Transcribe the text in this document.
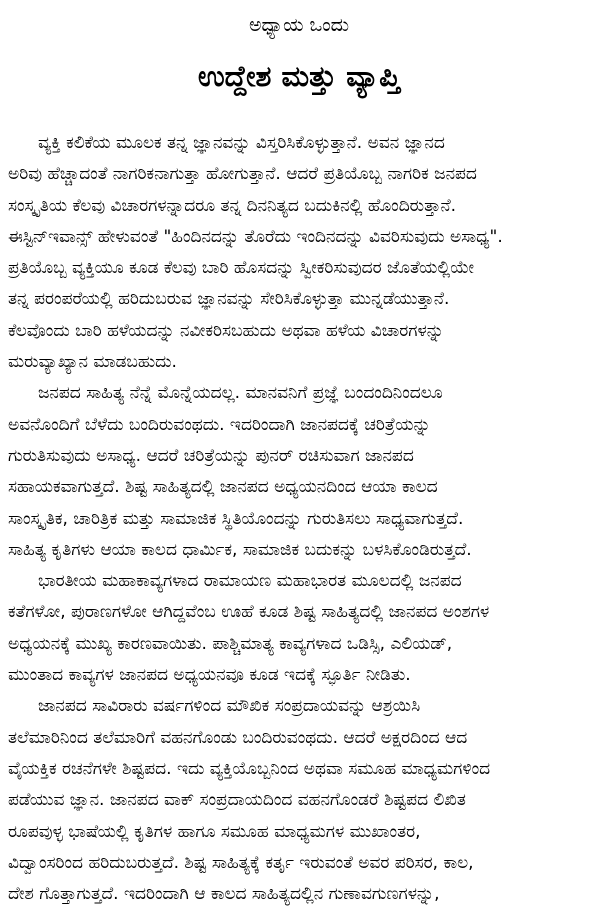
ಅಧ್ಯಾಯ ಒಂದು
ಉದ್ದೇಶ ಮತ್ತು ವ್ಯಾಪ್ತಿ
ವ್ಯಕ್ತಿ ಕಲಿಕೆಯ ಮೂಲಕ ತನ್ನ ಜ್ಞಾನವನ್ನು ವಿಸ್ತರಿಸಿಕೊಳ್ಳುತ್ತಾನೆ. ಅವನ ಜ್ಞಾನದ
ಅರಿವು ಹೆಚ್ಚಾದಂತೆ ನಾಗರಿಕನಾಗುತ್ತಾ ಹೋಗುತ್ತಾನೆ. ಆದರೆ ಪ್ರತಿಯೊಬ್ಬ ನಾಗರಿಕ ಜನಪದ
ಸಂಸ್ಕೃತಿಯ ಕೆಲವು ವಿಚಾರಗಳನ್ನಾದರೂ ತನ್ನ ದಿನನಿತ್ಯದ ಬದುಕಿನಲ್ಲಿ ಹೊಂದಿರುತ್ತಾನೆ.
ಈಸ್ಟಿನ್‌ಇವಾನ್ಸ್ ಹೇಳುವಂತೆ "ಹಿಂದಿನದನ್ನು ತೊರೆದು ಇಂದಿನದನ್ನು ವಿವರಿಸುವುದು ಅಸಾಧ್ಯ".
ಪ್ರತಿಯೊಬ್ಬ ವ್ಯಕ್ತಿಯೂ ಕೂಡ ಕೆಲವು ಬಾರಿ ಹೊಸದನ್ನು ಸ್ವೀಕರಿಸುವುದರ ಜೊತೆಯಲ್ಲಿಯೇ
ತನ್ನ ಪರಂಪರೆಯಲ್ಲಿ ಹರಿದುಬರುವ ಜ್ಞಾನವನ್ನು ಸೇರಿಸಿಕೊಳ್ಳುತ್ತಾ ಮುನ್ನಡೆಯುತ್ತಾನೆ.
ಕೆಲವೊಂದು ಬಾರಿ ಹಳೆಯದನ್ನು ನವೀಕರಿಸಬಹುದು ಅಥವಾ ಹಳೆಯ ವಿಚಾರಗಳನ್ನು
ಮರುವ್ಯಾಖ್ಯಾನ ಮಾಡಬಹುದು.
ಜನಪದ ಸಾಹಿತ್ಯ ನೆನ್ನೆ ಮೊನ್ನೆಯದಲ್ಲ. ಮಾನವನಿಗೆ ಪ್ರಜ್ಞೆ ಬಂದಂದಿನಿಂದಲೂ
ಅವನೊಂದಿಗೆ ಬೆಳೆದು ಬಂದಿರುವಂಥದು. ಇದರಿಂದಾಗಿ ಜಾನಪದಕ್ಕೆ ಚರಿತ್ರೆಯನ್ನು
ಗುರುತಿಸುವುದು ಅಸಾಧ್ಯ. ಆದರೆ ಚರಿತ್ರೆಯನ್ನು ಪುನರ್ ರಚಿಸುವಾಗ ಜಾನಪದ
ಸಹಾಯಕವಾಗುತ್ತದೆ. ಶಿಷ್ಟ ಸಾಹಿತ್ಯದಲ್ಲಿ ಜಾನಪದ ಅಧ್ಯಯನದಿಂದ ಆಯಾ ಕಾಲದ
ಸಾಂಸ್ಕೃತಿಕ, ಚಾರಿತ್ರಿಕ ಮತ್ತು ಸಾಮಾಜಿಕ ಸ್ಥಿತಿಯೊಂದನ್ನು ಗುರುತಿಸಲು ಸಾಧ್ಯವಾಗುತ್ತದೆ.
ಸಾಹಿತ್ಯ ಕೃತಿಗಳು ಆಯಾ ಕಾಲದ ಧಾರ್ಮಿಕ, ಸಾಮಾಜಿಕ ಬದುಕನ್ನು ಬಳಸಿಕೊಂಡಿರುತ್ತದೆ.
ಭಾರತೀಯ ಮಹಾಕಾವ್ಯಗಳಾದ ರಾಮಾಯಣ ಮಹಾಭಾರತ ಮೂಲದಲ್ಲಿ ಜನಪದ
ಕತೆಗಳೋ, ಪುರಾಣಗಳೋ ಆಗಿದ್ದವೆಂಬ ಊಹೆ ಕೂಡ ಶಿಷ್ಟ ಸಾಹಿತ್ಯದಲ್ಲಿ ಜಾನಪದ ಅಂಶಗಳ
ಅಧ್ಯಯನಕ್ಕೆ ಮುಖ್ಯ ಕಾರಣವಾಯಿತು. ಪಾಶ್ಚಿಮಾತ್ಯ ಕಾವ್ಯಗಳಾದ ಒಡಿಸ್ಸಿ, ಎಲಿಯಡ್,
ಮುಂತಾದ ಕಾವ್ಯಗಳ ಜಾನಪದ ಅಧ್ಯಯನವೂ ಕೂಡ ಇದಕ್ಕೆ ಸ್ಫೂರ್ತಿ ನೀಡಿತು.
ಜಾನಪದ ಸಾವಿರಾರು ವರ್ಷಗಳಿಂದ ಮೌಖಿಕ ಸಂಪ್ರದಾಯವನ್ನು ಆಶ್ರಯಿಸಿ
ತಲೆಮಾರಿನಿಂದ ತಲೆಮಾರಿಗೆ ವಹನಗೊಂಡು ಬಂದಿರುವಂಥದು. ಆದರೆ ಅಕ್ಷರದಿಂದ ಆದ
ವೈಯಕ್ತಿಕ ರಚನೆಗಳೇ ಶಿಷ್ಟಪದ. ಇದು ವ್ಯಕ್ತಿಯೊಬ್ಬನಿಂದ ಅಥವಾ ಸಮೂಹ ಮಾಧ್ಯಮಗಳಿಂದ
ಪಡೆಯುವ ಜ್ಞಾನ. ಜಾನಪದ ವಾಕ್ ಸಂಪ್ರದಾಯದಿಂದ ವಹನಗೊಂಡರೆ ಶಿಷ್ಟಪದ ಲಿಖಿತ
ರೂಪವುಳ್ಳ ಭಾಷೆಯಲ್ಲಿ ಕೃತಿಗಳ ಹಾಗೂ ಸಮೂಹ ಮಾಧ್ಯಮಗಳ ಮುಖಾಂತರ,
ವಿದ್ವಾಂಸರಿಂದ ಹರಿದುಬರುತ್ತದೆ. ಶಿಷ್ಟ ಸಾಹಿತ್ಯಕ್ಕೆ ಕರ್ತೃ ಇರುವಂತೆ ಅವರ ಪರಿಸರ, ಕಾಲ,
ದೇಶ ಗೊತ್ತಾಗುತ್ತದೆ. ಇದರಿಂದಾಗಿ ಆ ಕಾಲದ ಸಾಹಿತ್ಯದಲ್ಲಿನ ಗುಣಾವಗುಣಗಳನ್ನು,
